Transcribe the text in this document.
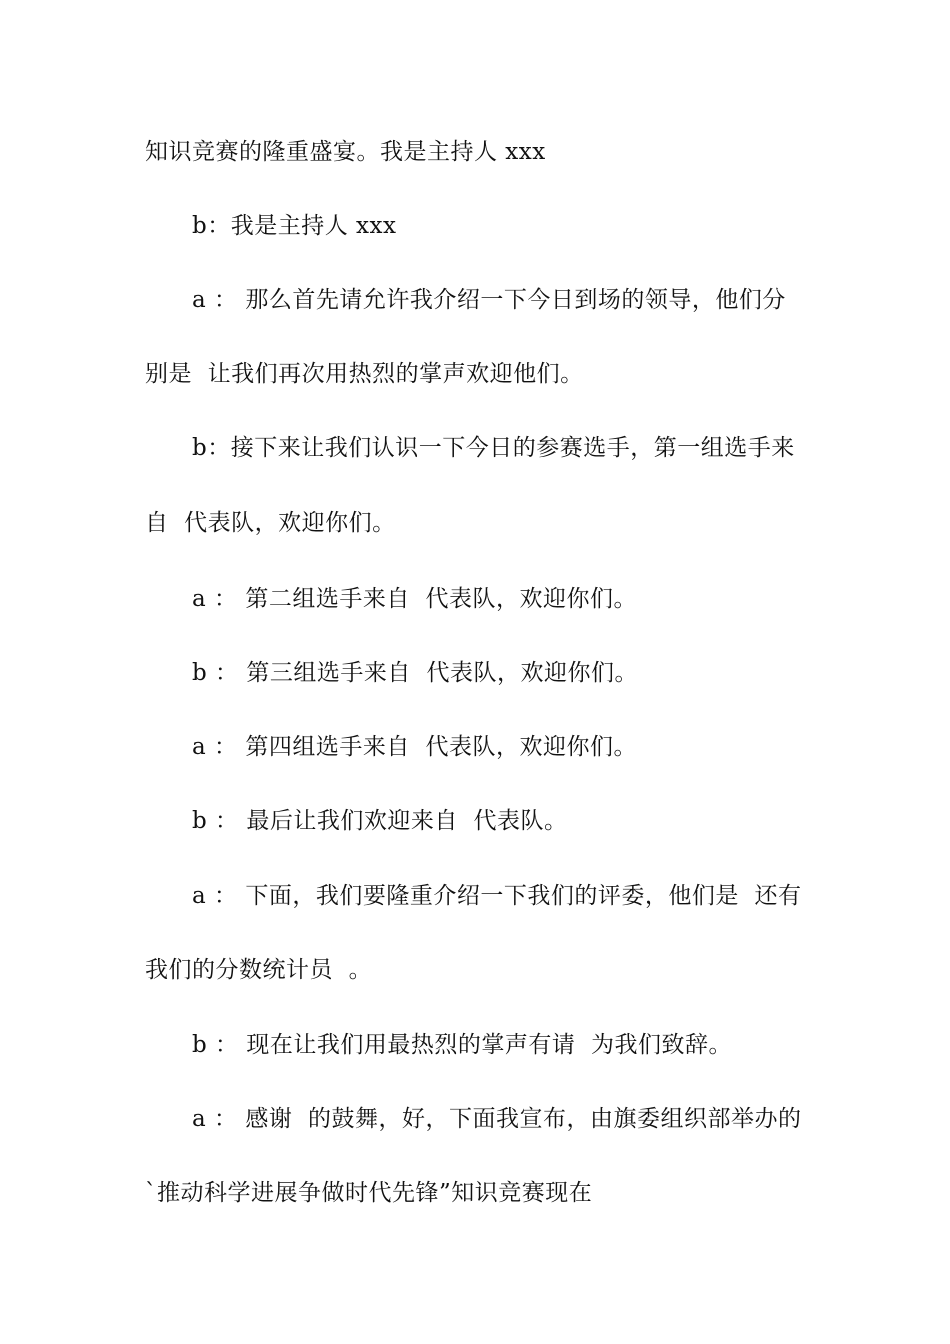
知识竞赛的隆重盛宴。我是主持人 xxx
b：我是主持人 xxx
a ： 那么首先请允许我介绍一下今日到场的领导，他们分
别是  让我们再次用热烈的掌声欢迎他们。
b：接下来让我们认识一下今日的参赛选手，第一组选手来
自  代表队，欢迎你们。
a ： 第二组选手来自  代表队，欢迎你们。
b ： 第三组选手来自  代表队，欢迎你们。
a ： 第四组选手来自  代表队，欢迎你们。
b ： 最后让我们欢迎来自  代表队。
a ： 下面，我们要隆重介绍一下我们的评委，他们是  还有
我们的分数统计员  。
b ： 现在让我们用最热烈的掌声有请  为我们致辞。
a ： 感谢  的鼓舞，好，下面我宣布，由旗委组织部举办的
`推动科学进展争做时代先锋”知识竞赛现在
